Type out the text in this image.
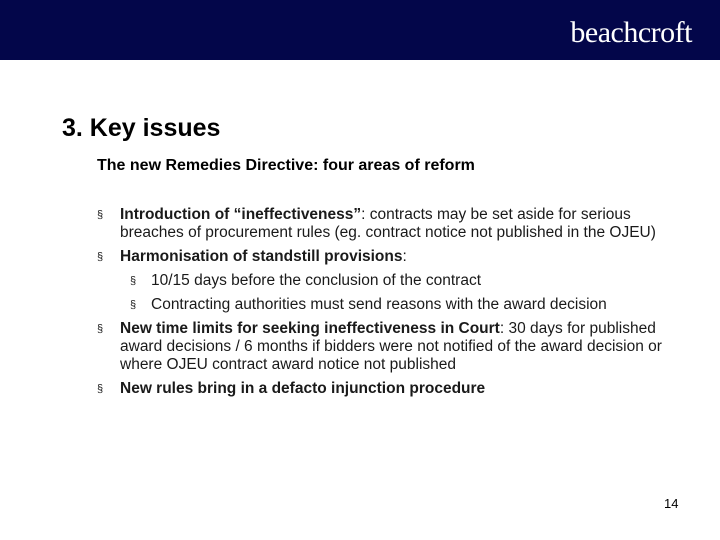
beachcroft
3. Key issues
The new Remedies Directive: four areas of reform
§	Introduction of “ineffectiveness”: contracts may be set aside for serious breaches of procurement rules (eg. contract notice not published in the OJEU)
§	Harmonisation of standstill provisions:
§ 10/15 days before the conclusion of the contract
§ Contracting authorities must send reasons with the award decision
§	New time limits for seeking ineffectiveness in Court: 30 days for published award decisions / 6 months if bidders were not notified of the award decision or where OJEU contract award notice not published
§	New rules bring in a defacto injunction procedure
14
